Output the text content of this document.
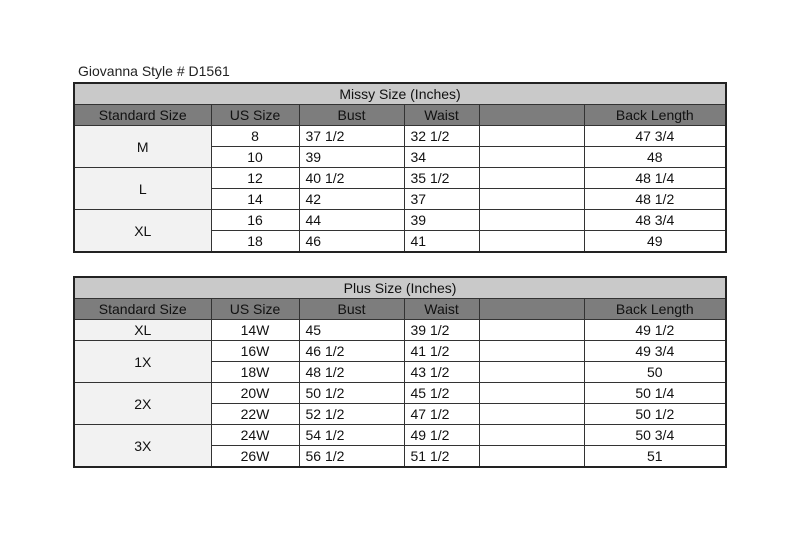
Giovanna Style # D1561
Missy Size (Inches)					
Standard Size	US Size	Bust	Waist		Back Length
M	8	37 1/2	32 1/2		47 3/4
	10	39	34		48
L	12	40 1/2	35 1/2		48 1/4
	14	42	37		48 1/2
XL	16	44	39		48 3/4
	18	46	41		49
Plus Size (Inches)					
Standard Size	US Size	Bust	Waist		Back Length
XL	14W	45	39 1/2		49 1/2
1X	16W	46 1/2	41 1/2		49 3/4
	18W	48 1/2	43 1/2		50
2X	20W	50 1/2	45 1/2		50 1/4
	22W	52 1/2	47 1/2		50 1/2
3X	24W	54 1/2	49 1/2		50 3/4
	26W	56 1/2	51 1/2		51
